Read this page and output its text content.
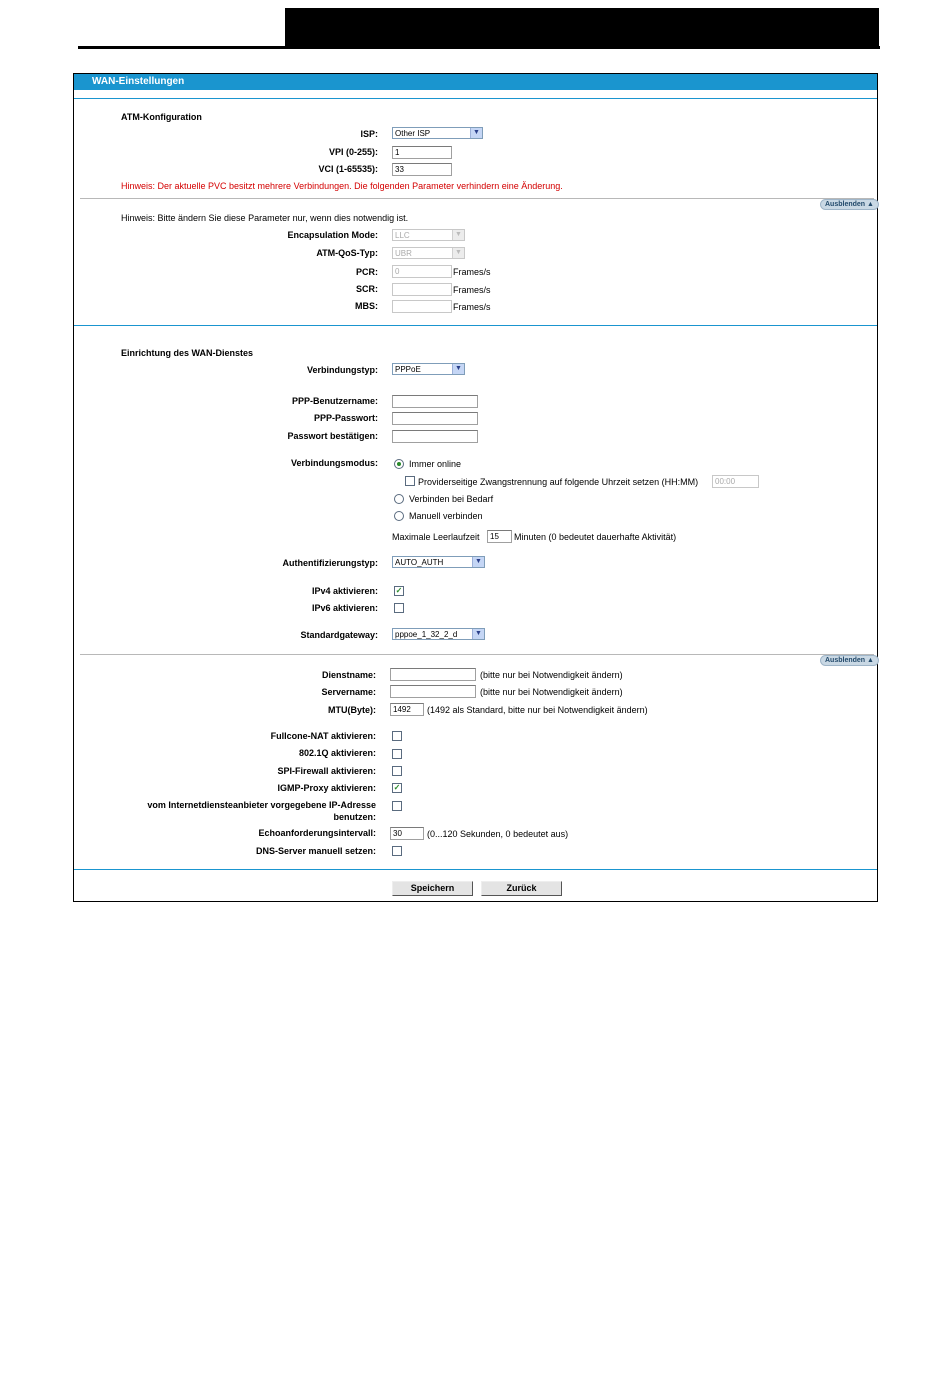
WAN-Einstellungen
ATM-Konfiguration
ISP:	Other ISP	▼
VPI (0-255):	1
VCI (1-65535):	33
Hinweis: Der aktuelle PVC besitzt mehrere Verbindungen. Die folgenden Parameter verhindern eine Änderung.
Ausblenden ▲
Hinweis: Bitte ändern Sie diese Parameter nur, wenn dies notwendig ist.
Encapsulation Mode:	LLC	▼
ATM-QoS-Typ:	UBR	▼
PCR:	0	Frames/s
SCR:	Frames/s
MBS:	Frames/s
Einrichtung des WAN-Dienstes
Verbindungstyp:	PPPoE	▼
PPP-Benutzername:
PPP-Passwort:
Passwort bestätigen:
Verbindungsmodus:	Immer online
Providerseitige Zwangstrennung auf folgende Uhrzeit setzen (HH:MM)	00:00
Verbinden bei Bedarf
Manuell verbinden
Maximale Leerlaufzeit	15	Minuten (0 bedeutet dauerhafte Aktivität)
Authentifizierungstyp:	AUTO_AUTH	▼
IPv4 aktivieren: ✓
IPv6 aktivieren:
Standardgateway:	pppoe_1_32_2_d	▼
Ausblenden ▲
Dienstname:	(bitte nur bei Notwendigkeit ändern)
Servername:	(bitte nur bei Notwendigkeit ändern)
MTU(Byte):	1492	(1492 als Standard, bitte nur bei Notwendigkeit ändern)
Fullcone-NAT aktivieren:
802.1Q aktivieren:
SPI-Firewall aktivieren:
IGMP-Proxy aktivieren: ✓
vom Internetdiensteanbieter vorgegebene IP-Adresse
benutzen:
Echoanforderungsintervall:	30	(0...120 Sekunden, 0 bedeutet aus)
DNS-Server manuell setzen:
Speichern	Zurück
